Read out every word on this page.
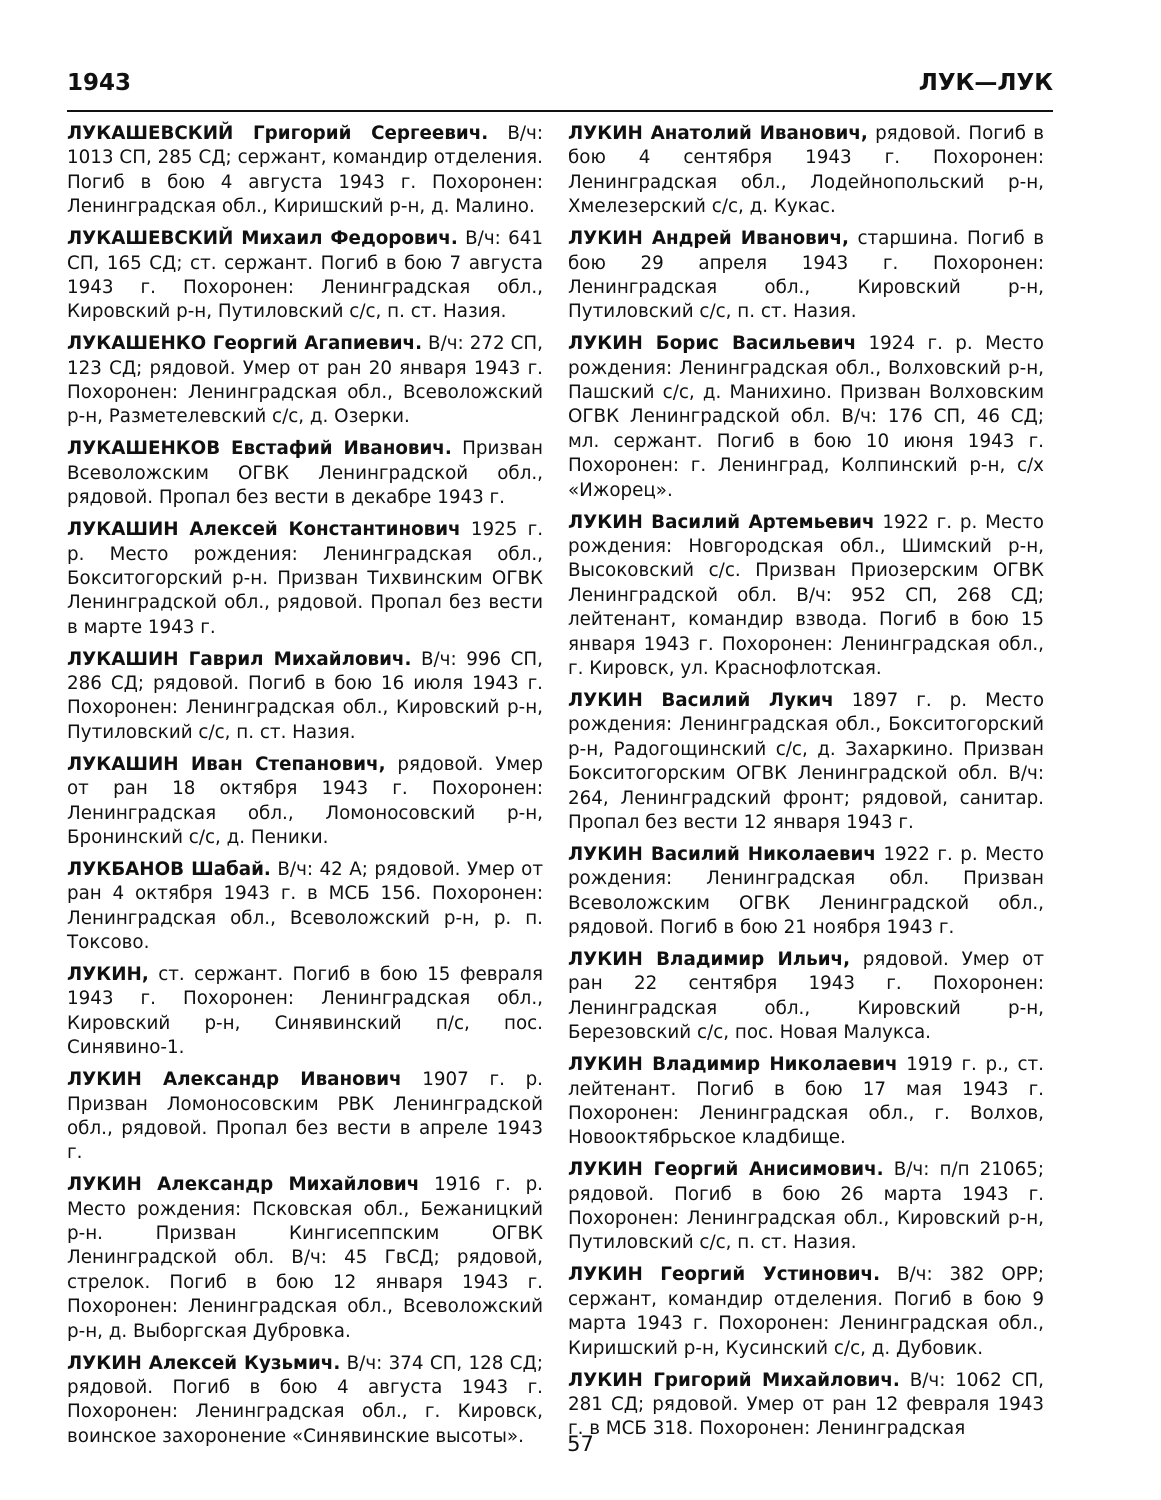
1943	ЛУК—ЛУК

ЛУКАШЕВСКИЙ Григорий Сергеевич. В/ч: 1013 СП, 285 СД; сержант, командир отделения. Погиб в бою 4 августа 1943 г. Похоронен: Ленинградская обл., Киришский р-н, д. Малино.

ЛУКАШЕВСКИЙ Михаил Федорович. В/ч: 641 СП, 165 СД; ст. сержант. Погиб в бою 7 августа 1943 г. Похоронен: Ленинградская обл., Кировский р-н, Путиловский с/с, п. ст. Назия.

ЛУКАШЕНКО Георгий Агапиевич. В/ч: 272 СП, 123 СД; рядовой. Умер от ран 20 января 1943 г. Похоронен: Ленинградская обл., Всеволожский р-н, Разметелевский с/с, д. Озерки.

ЛУКАШЕНКОВ Евстафий Иванович. Призван Всеволожским ОГВК Ленинградской обл., рядовой. Пропал без вести в декабре 1943 г.

ЛУКАШИН Алексей Константинович 1925 г. р. Место рождения: Ленинградская обл., Бокситогорский р-н. Призван Тихвинским ОГВК Ленинградской обл., рядовой. Пропал без вести в марте 1943 г.

ЛУКАШИН Гаврил Михайлович. В/ч: 996 СП, 286 СД; рядовой. Погиб в бою 16 июля 1943 г. Похоронен: Ленинградская обл., Кировский р-н, Путиловский с/с, п. ст. Назия.

ЛУКАШИН Иван Степанович, рядовой. Умер от ран 18 октября 1943 г. Похоронен: Ленинградская обл., Ломоносовский р-н, Бронинский с/с, д. Пеники.

ЛУКБАНОВ Шабай. В/ч: 42 А; рядовой. Умер от ран 4 октября 1943 г. в МСБ 156. Похоронен: Ленинградская обл., Всеволожский р-н, р. п. Токсово.

ЛУКИН, ст. сержант. Погиб в бою 15 февраля 1943 г. Похоронен: Ленинградская обл., Кировский р-н, Синявинский п/с, пос. Синявино-1.

ЛУКИН Александр Иванович 1907 г. р. Призван Ломоносовским РВК Ленинградской обл., рядовой. Пропал без вести в апреле 1943 г.

ЛУКИН Александр Михайлович 1916 г. р. Место рождения: Псковская обл., Бежаницкий р-н. Призван Кингисеппским ОГВК Ленинградской обл. В/ч: 45 ГвСД; рядовой, стрелок. Погиб в бою 12 января 1943 г. Похоронен: Ленинградская обл., Всеволожский р-н, д. Выборгская Дубровка.

ЛУКИН Алексей Кузьмич. В/ч: 374 СП, 128 СД; рядовой. Погиб в бою 4 августа 1943 г. Похоронен: Ленинградская обл., г. Кировск, воинское захоронение «Синявинские высоты».

ЛУКИН Анатолий Иванович, рядовой. Погиб в бою 4 сентября 1943 г. Похоронен: Ленинградская обл., Лодейнопольский р-н, Хмелезерский с/с, д. Кукас.

ЛУКИН Андрей Иванович, старшина. Погиб в бою 29 апреля 1943 г. Похоронен: Ленинградская обл., Кировский р-н, Путиловский с/с, п. ст. Назия.

ЛУКИН Борис Васильевич 1924 г. р. Место рождения: Ленинградская обл., Волховский р-н, Пашский с/с, д. Манихино. Призван Волховским ОГВК Ленинградской обл. В/ч: 176 СП, 46 СД; мл. сержант. Погиб в бою 10 июня 1943 г. Похоронен: г. Ленинград, Колпинский р-н, с/х «Ижорец».

ЛУКИН Василий Артемьевич 1922 г. р. Место рождения: Новгородская обл., Шимский р-н, Высоковский с/с. Призван Приозерским ОГВК Ленинградской обл. В/ч: 952 СП, 268 СД; лейтенант, командир взвода. Погиб в бою 15 января 1943 г. Похоронен: Ленинградская обл., г. Кировск, ул. Краснофлотская.

ЛУКИН Василий Лукич 1897 г. р. Место рождения: Ленинградская обл., Бокситогорский р-н, Радогощинский с/с, д. Захаркино. Призван Бокситогорским ОГВК Ленинградской обл. В/ч: 264, Ленинградский фронт; рядовой, санитар. Пропал без вести 12 января 1943 г.

ЛУКИН Василий Николаевич 1922 г. р. Место рождения: Ленинградская обл. Призван Всеволожским ОГВК Ленинградской обл., рядовой. Погиб в бою 21 ноября 1943 г.

ЛУКИН Владимир Ильич, рядовой. Умер от ран 22 сентября 1943 г. Похоронен: Ленинградская обл., Кировский р-н, Березовский с/с, пос. Новая Малукса.

ЛУКИН Владимир Николаевич 1919 г. р., ст. лейтенант. Погиб в бою 17 мая 1943 г. Похоронен: Ленинградская обл., г. Волхов, Новооктябрьское кладбище.

ЛУКИН Георгий Анисимович. В/ч: п/п 21065; рядовой. Погиб в бою 26 марта 1943 г. Похоронен: Ленинградская обл., Кировский р-н, Путиловский с/с, п. ст. Назия.

ЛУКИН Георгий Устинович. В/ч: 382 ОРР; сержант, командир отделения. Погиб в бою 9 марта 1943 г. Похоронен: Ленинградская обл., Киришский р-н, Кусинский с/с, д. Дубовик.

ЛУКИН Григорий Михайлович. В/ч: 1062 СП, 281 СД; рядовой. Умер от ран 12 февраля 1943 г. в МСБ 318. Похоронен: Ленинградская

57
